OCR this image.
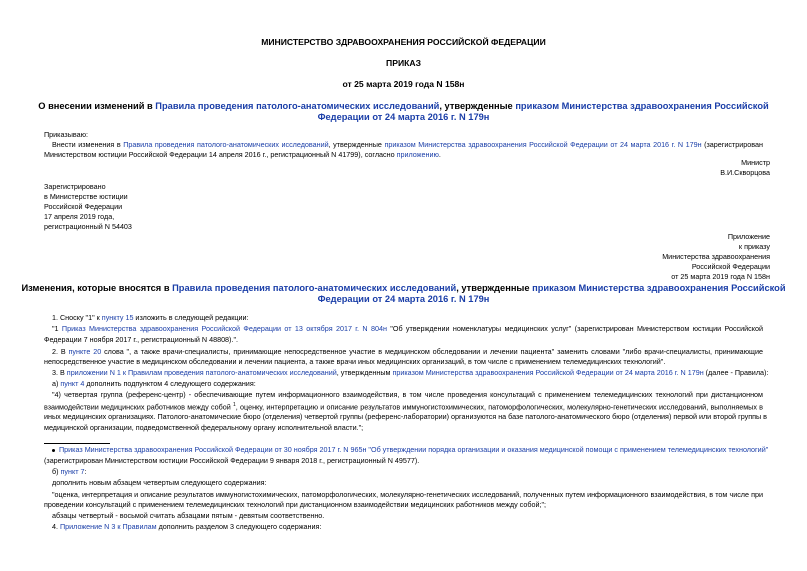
МИНИСТЕРСТВО ЗДРАВООХРАНЕНИЯ РОССИЙСКОЙ ФЕДЕРАЦИИ
ПРИКАЗ
от 25 марта 2019 года N 158н
О внесении изменений в Правила проведения патолого-анатомических исследований, утвержденные приказом Министерства здравоохранения Российской
Федерации от 24 марта 2016 г. N 179н
Приказываю:
Внести изменения в Правила проведения патолого-анатомических исследований, утвержденные приказом Министерства здравоохранения Российской Федерации от 24 марта 2016 г. N 179н (зарегистрирован
Министерством юстиции Российской Федерации 14 апреля 2016 г., регистрационный N 41799), согласно приложению.
Министр
В.И.Скворцова
Зарегистрировано
в Министерстве юстиции
Российской Федерации
17 апреля 2019 года,
регистрационный N 54403
Приложение
к приказу
Министерства здравоохранения
Российской Федерации
от 25 марта 2019 года N 158н
Изменения, которые вносятся в Правила проведения патолого-анатомических исследований, утвержденные приказом Министерства здравоохранения Российской
Федерации от 24 марта 2016 г. N 179н
1. Сноску "1" к пункту 15 изложить в следующей редакции:
"1 Приказ Министерства здравоохранения Российской Федерации от 13 октября 2017 г. N 804н "Об утверждении номенклатуры медицинских услуг" (зарегистрирован Министерством юстиции Российской
Федерации 7 ноября 2017 г., регистрационный N 48808).".
2. В пункте 20 слова ", а также врачи-специалисты, принимающие непосредственное участие в медицинском обследовании и лечении пациента" заменить словами "либо врачи-специалисты, принимающие
непосредственное участие в медицинском обследовании и лечении пациента, а также врачи иных медицинских организаций, в том числе с применением телемедицинских технологий".
3. В приложении N 1 к Правилам проведения патолого-анатомических исследований, утвержденным приказом Министерства здравоохранения Российской Федерации от 24 марта 2016 г. N 179н (далее - Правила):
а) пункт 4 дополнить подпунктом 4 следующего содержания:
"4) четвертая группа (референс-центр) - обеспечивающие путем информационного взаимодействия, в том числе проведения консультаций с применением телемедицинских технологий при дистанционном
взаимодействии медицинских работников между собой $^1$, оценку, интерпретацию и описание результатов иммуногистохимических, патоморфологических, молекулярно-генетических исследований, выполняемых в
иных медицинских организациях. Патолого-анатомические бюро (отделения) четвертой группы (референс-лаборатории) организуются на базе патолого-анатомического бюро (отделения) первой или второй группы в
медицинской организации, подведомственной федеральному органу исполнительной власти.";
Приказ Министерства здравоохранения Российской Федерации от 30 ноября 2017 г. N 965н "Об утверждении порядка организации и оказания медицинской помощи с применением телемедицинских технологий"
(зарегистрирован Министерством юстиции Российской Федерации 9 января 2018 г., регистрационный N 49577).
б) пункт 7:
дополнить новым абзацем четвертым следующего содержания:
"оценка, интерпретация и описание результатов иммуногистохимических, патоморфологических, молекулярно-генетических исследований, полученных путем информационного взаимодействия, в том числе при
проведении консультаций с применением телемедицинских технологий при дистанционном взаимодействии медицинских работников между собой;";
абзацы четвертый - восьмой считать абзацами пятым - девятым соответственно.
4. Приложение N 3 к Правилам дополнить разделом 3 следующего содержания:
